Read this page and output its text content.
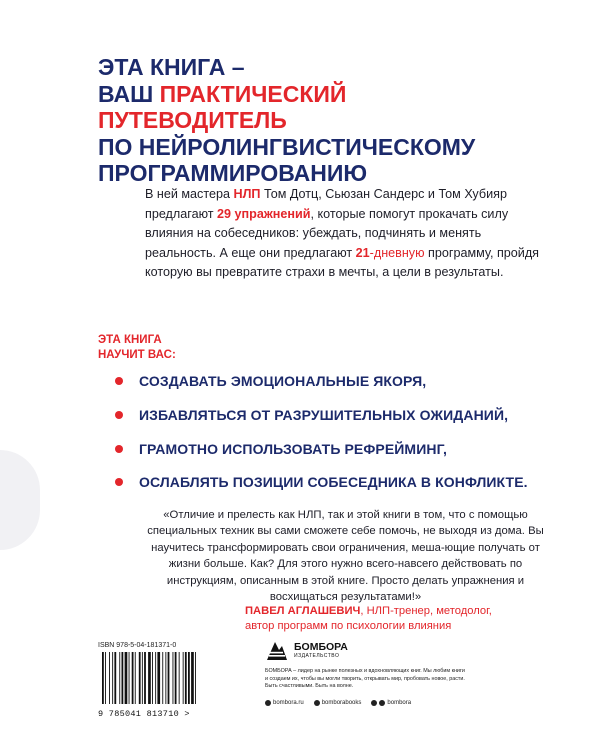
ЭТА КНИГА –
ВАШ ПРАКТИЧЕСКИЙ
ПУТЕВОДИТЕЛЬ
ПО НЕЙРОЛИНГВИСТИЧЕСКОМУ
ПРОГРАММИРОВАНИЮ

В ней мастера НЛП Том Дотц, Сьюзан Сандерс и Том Хубияр предлагают 29 упражнений, которые помогут прокачать силу влияния на собеседников: убеждать, подчинять и менять реальность. А еще они предлагают 21-дневную программу, пройдя которую вы превратите страхи в мечты, а цели в результаты.

ЭТА КНИГА
НАУЧИТ ВАС:
СОЗДАВАТЬ ЭМОЦИОНАЛЬНЫЕ ЯКОРЯ,
ИЗБАВЛЯТЬСЯ ОТ РАЗРУШИТЕЛЬНЫХ ОЖИДАНИЙ,
ГРАМОТНО ИСПОЛЬЗОВАТЬ РЕФРЕЙМИНГ,
ОСЛАБЛЯТЬ ПОЗИЦИИ СОБЕСЕДНИКА В КОНФЛИКТЕ.

«Отличие и прелесть как НЛП, так и этой книги в том, что с помощью специальных техник вы сами сможете себе помочь, не выходя из дома. Вы научитесь трансформировать свои ограничения, меша-ющие получать от жизни больше. Как? Для этого нужно всего-навсего действовать по инструкциям, описанным в этой книге. Просто делать упражнения и восхищаться результатами!»

ПАВЕЛ АГЛАШЕВИЧ, НЛП-тренер, методолог,
автор программ по психологии влияния
ISBN 978-5-04-181371-0
9 785041 813710 >
БОМБОРА
ИЗДАТЕЛЬСТВО

БОМБОРА – лидер на рынке полезных и вдохновляющих книг. Мы любим книги и создаем их, чтобы вы могли творить, открывать мир, пробовать новое, расти. Быть счастливыми. Быть на волне.

bombora.ru	bomborabooks	bombora
